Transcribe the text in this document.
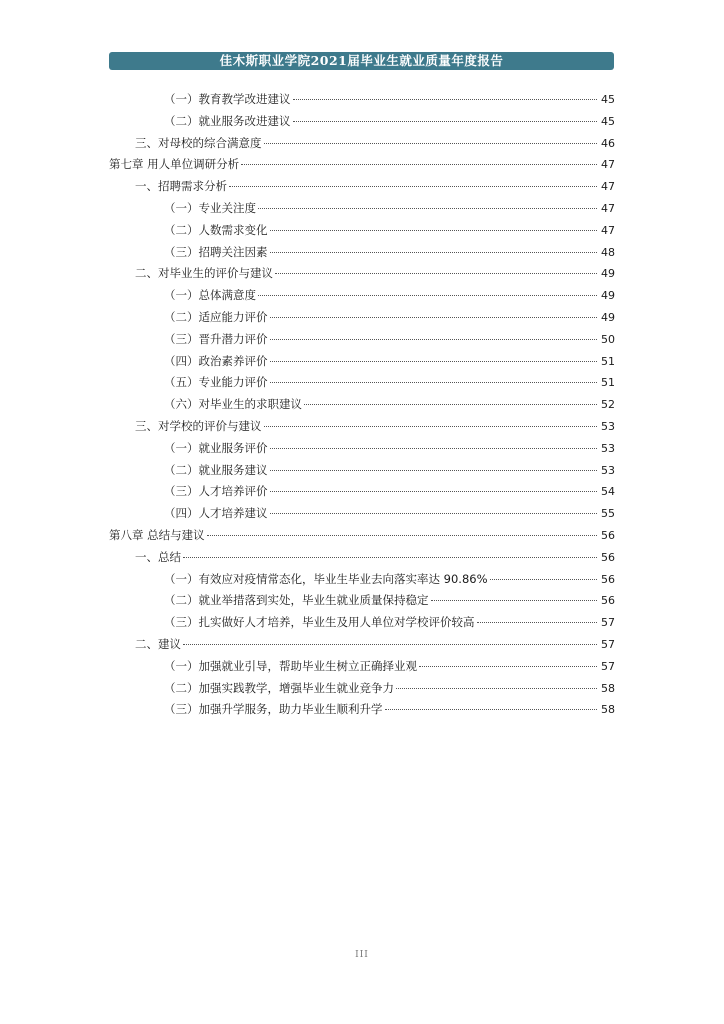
佳木斯职业学院2021届毕业生就业质量年度报告
（一）教育教学改进建议	45
（二）就业服务改进建议	45
三、对母校的综合满意度	46
第七章 用人单位调研分析	47
一、招聘需求分析	47
（一）专业关注度	47
（二）人数需求变化	47
（三）招聘关注因素	48
二、对毕业生的评价与建议	49
（一）总体满意度	49
（二）适应能力评价	49
（三）晋升潜力评价	50
（四）政治素养评价	51
（五）专业能力评价	51
（六）对毕业生的求职建议	52
三、对学校的评价与建议	53
（一）就业服务评价	53
（二）就业服务建议	53
（三）人才培养评价	54
（四）人才培养建议	55
第八章 总结与建议	56
一、总结	56
（一）有效应对疫情常态化，毕业生毕业去向落实率达 90.86%	56
（二）就业举措落到实处，毕业生就业质量保持稳定	56
（三）扎实做好人才培养，毕业生及用人单位对学校评价较高	57
二、建议	57
（一）加强就业引导，帮助毕业生树立正确择业观	57
（二）加强实践教学，增强毕业生就业竞争力	58
（三）加强升学服务，助力毕业生顺利升学	58
III
